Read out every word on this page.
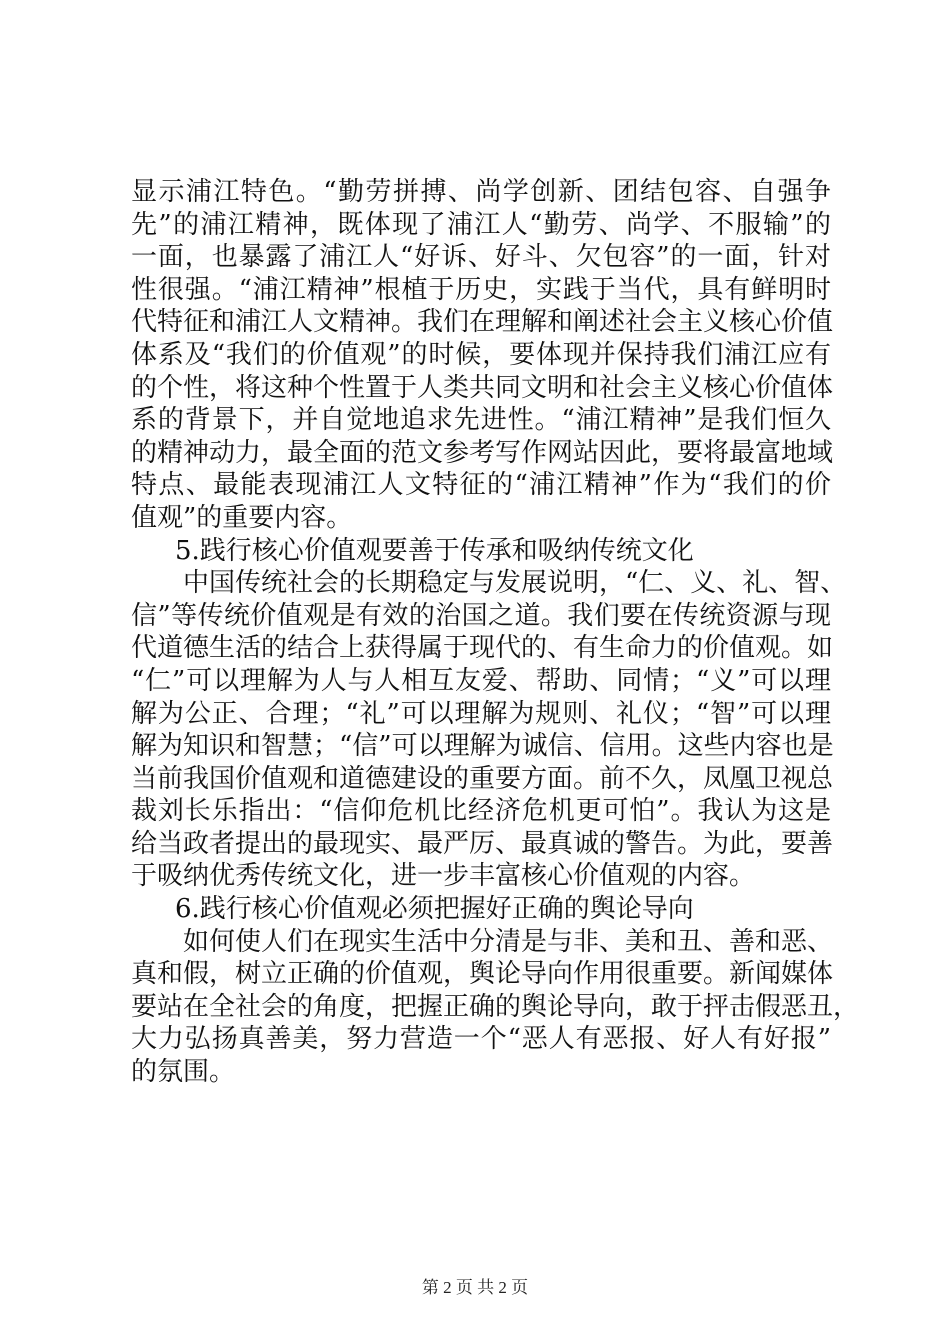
显示浦江特色。“勤劳拼搏、尚学创新、团结包容、自强争
先”的浦江精神，既体现了浦江人“勤劳、尚学、不服输”的
一面，也暴露了浦江人“好诉、好斗、欠包容”的一面，针对
性很强。“浦江精神”根植于历史，实践于当代，具有鲜明时
代特征和浦江人文精神。我们在理解和阐述社会主义核心价值
体系及“我们的价值观”的时候，要体现并保持我们浦江应有
的个性，将这种个性置于人类共同文明和社会主义核心价值体
系的背景下，并自觉地追求先进性。“浦江精神”是我们恒久
的精神动力，最全面的范文参考写作网站因此，要将最富地域
特点、最能表现浦江人文特征的“浦江精神”作为“我们的价
值观”的重要内容。
5.践行核心价值观要善于传承和吸纳传统文化
中国传统社会的长期稳定与发展说明，“仁、义、礼、智、
信”等传统价值观是有效的治国之道。我们要在传统资源与现
代道德生活的结合上获得属于现代的、有生命力的价值观。如
“仁”可以理解为人与人相互友爱、帮助、同情；“义”可以理
解为公正、合理；“礼”可以理解为规则、礼仪；“智”可以理
解为知识和智慧；“信”可以理解为诚信、信用。这些内容也是
当前我国价值观和道德建设的重要方面。前不久，凤凰卫视总
裁刘长乐指出：“信仰危机比经济危机更可怕”。我认为这是
给当政者提出的最现实、最严厉、最真诚的警告。为此，要善
于吸纳优秀传统文化，进一步丰富核心价值观的内容。
6.践行核心价值观必须把握好正确的舆论导向
如何使人们在现实生活中分清是与非、美和丑、善和恶、
真和假，树立正确的价值观，舆论导向作用很重要。新闻媒体
要站在全社会的角度，把握正确的舆论导向，敢于抨击假恶丑，
大力弘扬真善美，努力营造一个“恶人有恶报、好人有好报”
的氛围。
第 2 页 共 2 页
